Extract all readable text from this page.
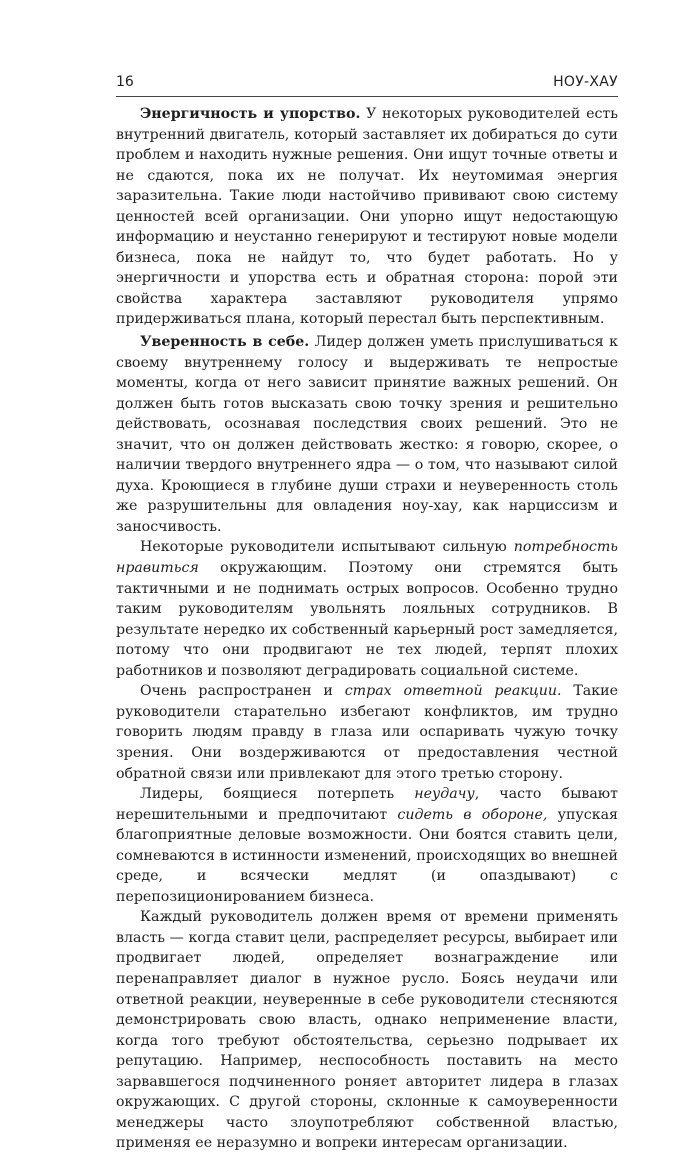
16	НОУ-ХАУ

Энергичность и упорство. У некоторых руководителей есть внутренний двигатель, который заставляет их добираться до сути проблем и находить нужные решения. Они ищут точные ответы и не сдаются, пока их не получат. Их неутомимая энергия заразительна. Такие люди настойчиво прививают свою систему ценностей всей организации. Они упорно ищут недостающую информацию и неустанно генерируют и тестируют новые модели бизнеса, пока не найдут то, что будет работать. Но у энергичности и упорства есть и обратная сторона: порой эти свойства характера заставляют руководителя упрямо придерживаться плана, который перестал быть перспективным.

Уверенность в себе. Лидер должен уметь прислушиваться к своему внутреннему голосу и выдерживать те непростые моменты, когда от него зависит принятие важных решений. Он должен быть готов высказать свою точку зрения и решительно действовать, осознавая последствия своих решений. Это не значит, что он должен действовать жестко: я говорю, скорее, о наличии твердого внутреннего ядра — о том, что называют силой духа. Кроющиеся в глубине души страхи и неуверенность столь же разрушительны для овладения ноу-хау, как нарциссизм и заносчивость.

Некоторые руководители испытывают сильную потребность нравиться окружающим. Поэтому они стремятся быть тактичными и не поднимать острых вопросов. Особенно трудно таким руководителям увольнять лояльных сотрудников. В результате нередко их собственный карьерный рост замедляется, потому что они продвигают не тех людей, терпят плохих работников и позволяют деградировать социальной системе.

Очень распространен и страх ответной реакции. Такие руководители старательно избегают конфликтов, им трудно говорить людям правду в глаза или оспаривать чужую точку зрения. Они воздерживаются от предоставления честной обратной связи или привлекают для этого третью сторону.

Лидеры, боящиеся потерпеть неудачу, часто бывают нерешительными и предпочитают сидеть в обороне, упуская благоприятные деловые возможности. Они боятся ставить цели, сомневаются в истинности изменений, происходящих во внешней среде, и всячески медлят (и опаздывают) с перепозиционированием бизнеса.

Каждый руководитель должен время от времени применять власть — когда ставит цели, распределяет ресурсы, выбирает или продвигает людей, определяет вознаграждение или перенаправляет диалог в нужное русло. Боясь неудачи или ответной реакции, неуверенные в себе руководители стесняются демонстрировать свою власть, однако неприменение власти, когда того требуют обстоятельства, серьезно подрывает их репутацию. Например, неспособность поставить на место зарвавшегося подчиненного роняет авторитет лидера в глазах окружающих. С другой стороны, склонные к самоуверенности менеджеры часто злоупотребляют собственной властью, применяя ее неразумно и вопреки интересам организации.
